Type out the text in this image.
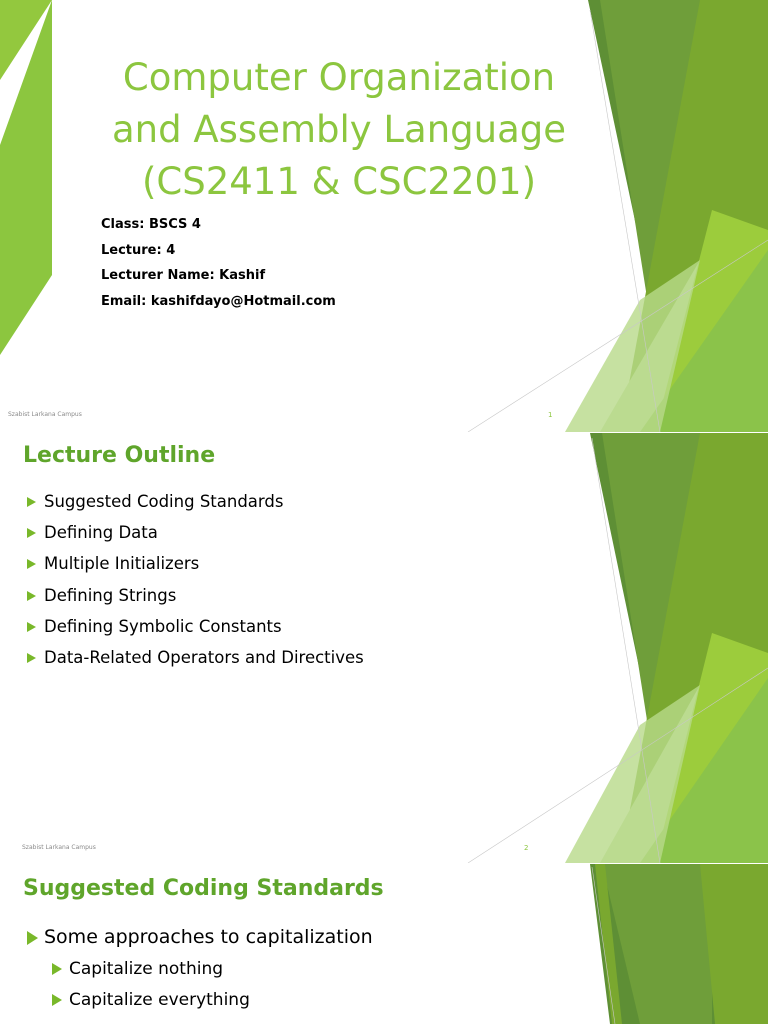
Computer Organization
and Assembly Language
(CS2411 & CSC2201)
Class: BSCS 4
Lecture: 4
Lecturer Name: Kashif
Email: kashifdayo@Hotmail.com
Szabist Larkana Campus	1
Lecture Outline
Suggested Coding Standards
Defining Data
Multiple Initializers
Defining Strings
Defining Symbolic Constants
Data-Related Operators and Directives
Szabist Larkana Campus	2
Suggested Coding Standards
Some approaches to capitalization
Capitalize nothing
Capitalize everything
